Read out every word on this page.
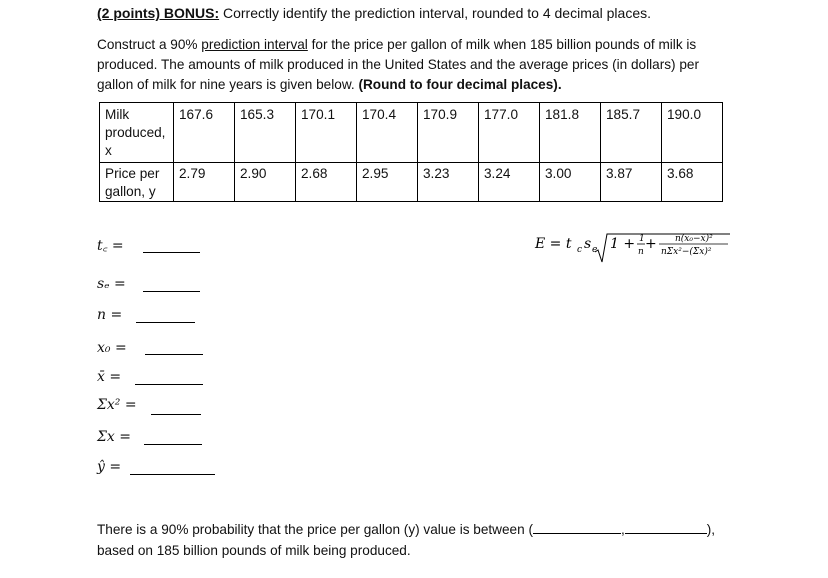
(2 points) BONUS: Correctly identify the prediction interval, rounded to 4 decimal places.
Construct a 90% prediction interval for the price per gallon of milk when 185 billion pounds of milk is produced. The amounts of milk produced in the United States and the average prices (in dollars) per gallon of milk for nine years is given below. (Round to four decimal places).
Milk produced, x	167.6	165.3	170.1	170.4	170.9	177.0	181.8	185.7	190.0
Price per gallon, y	2.79	2.90	2.68	2.95	3.23	3.24	3.00	3.87	3.68
t꜀ =
sₑ =
n =
x₀ =
x̄ =
Σx² =
Σx =
ŷ =
E = t c s e 1 + 1
n + n(x₀−x̄)²
nΣx²−(Σx)²
There is a 90% probability that the price per gallon (y) value is between (	,	),
based on 185 billion pounds of milk being produced.
